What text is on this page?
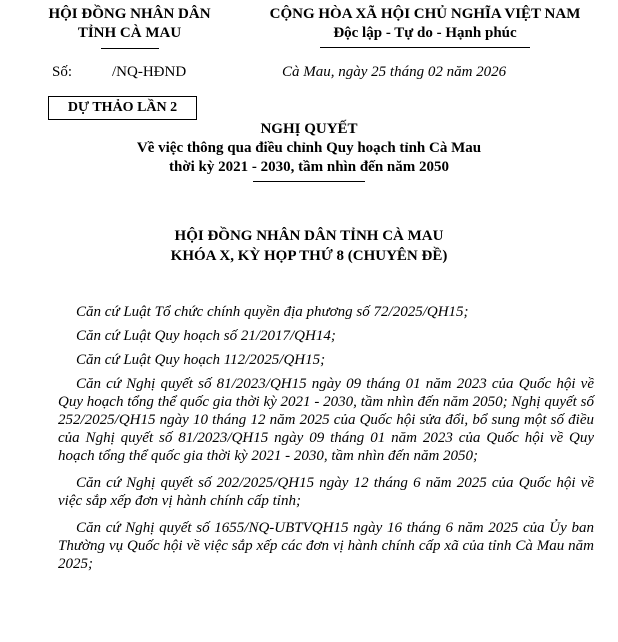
HỘI ĐỒNG NHÂN DÂN
TỈNH CÀ MAU
CỘNG HÒA XÃ HỘI CHỦ NGHĨA VIỆT NAM
Độc lập - Tự do - Hạnh phúc
Số:	/NQ-HĐND	Cà Mau, ngày 25 tháng 02 năm 2026
DỰ THẢO LẦN 2
NGHỊ QUYẾT
Về việc thông qua điều chỉnh Quy hoạch tỉnh Cà Mau
thời kỳ 2021 - 2030, tầm nhìn đến năm 2050
HỘI ĐỒNG NHÂN DÂN TỈNH CÀ MAU
KHÓA X, KỲ HỌP THỨ 8 (CHUYÊN ĐỀ)

Căn cứ Luật Tổ chức chính quyền địa phương số 72/2025/QH15;

Căn cứ Luật Quy hoạch số 21/2017/QH14;

Căn cứ Luật Quy hoạch 112/2025/QH15;

Căn cứ Nghị quyết số 81/2023/QH15 ngày 09 tháng 01 năm 2023 của Quốc hội về Quy hoạch tổng thể quốc gia thời kỳ 2021 - 2030, tầm nhìn đến năm 2050; Nghị quyết số 252/2025/QH15 ngày 10 tháng 12 năm 2025 của Quốc hội sửa đổi, bổ sung một số điều của Nghị quyết số 81/2023/QH15 ngày 09 tháng 01 năm 2023 của Quốc hội về Quy hoạch tổng thể quốc gia thời kỳ 2021 - 2030, tầm nhìn đến năm 2050;

Căn cứ Nghị quyết số 202/2025/QH15 ngày 12 tháng 6 năm 2025 của Quốc hội về việc sắp xếp đơn vị hành chính cấp tỉnh;

Căn cứ Nghị quyết số 1655/NQ-UBTVQH15 ngày 16 tháng 6 năm 2025 của Ủy ban Thường vụ Quốc hội về việc sắp xếp các đơn vị hành chính cấp xã của tỉnh Cà Mau năm 2025;
